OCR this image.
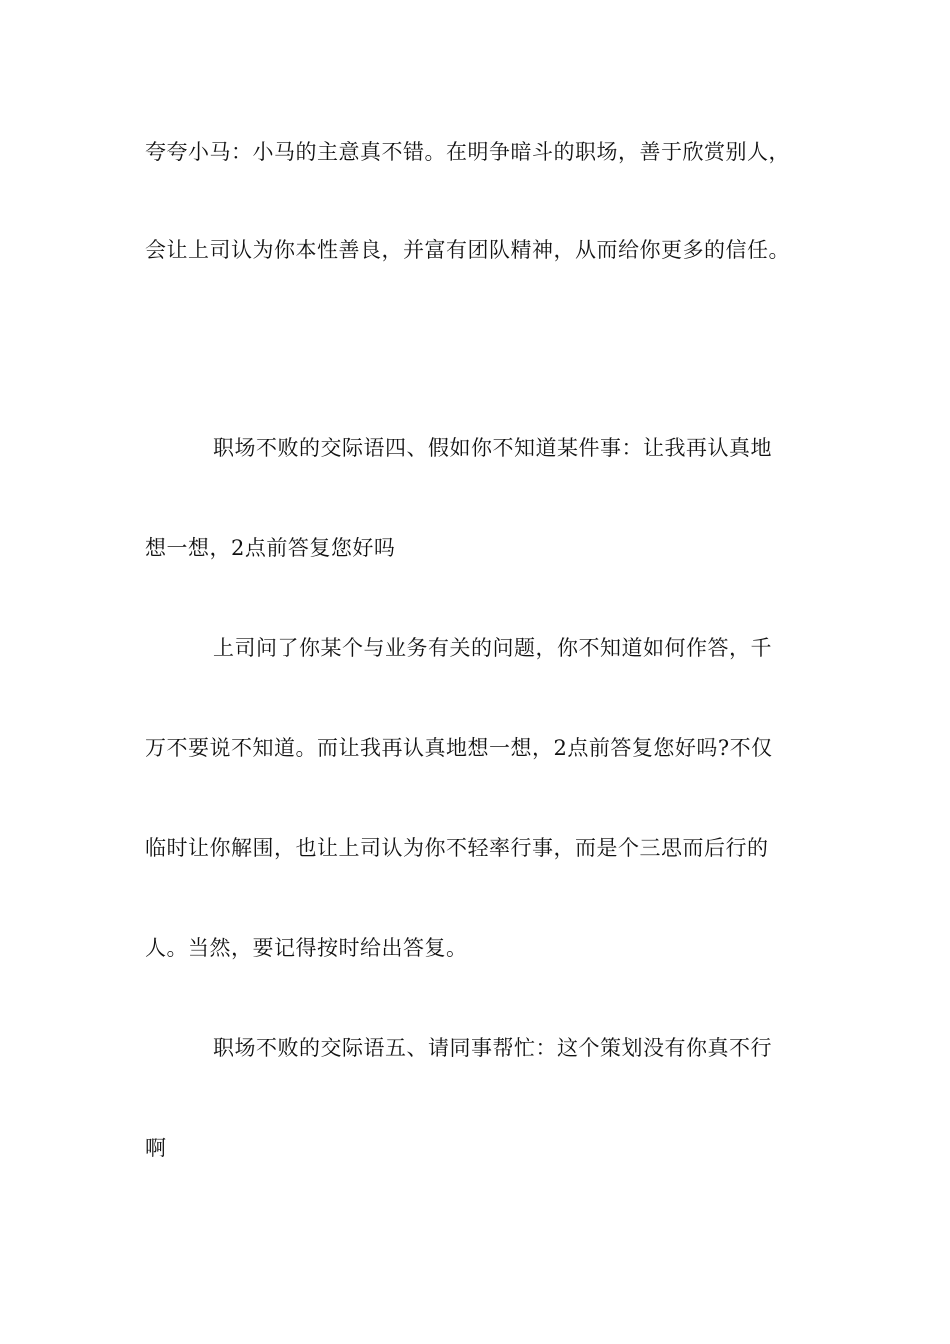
夸夸小马：小马的主意真不错。在明争暗斗的职场，善于欣赏别人，
会让上司认为你本性善良，并富有团队精神，从而给你更多的信任。
职场不败的交际语四、假如你不知道某件事：让我再认真地
想一想，2点前答复您好吗
上司问了你某个与业务有关的问题，你不知道如何作答，千
万不要说不知道。而让我再认真地想一想，2点前答复您好吗?不仅
临时让你解围，也让上司认为你不轻率行事，而是个三思而后行的
人。当然，要记得按时给出答复。
职场不败的交际语五、请同事帮忙：这个策划没有你真不行
啊
